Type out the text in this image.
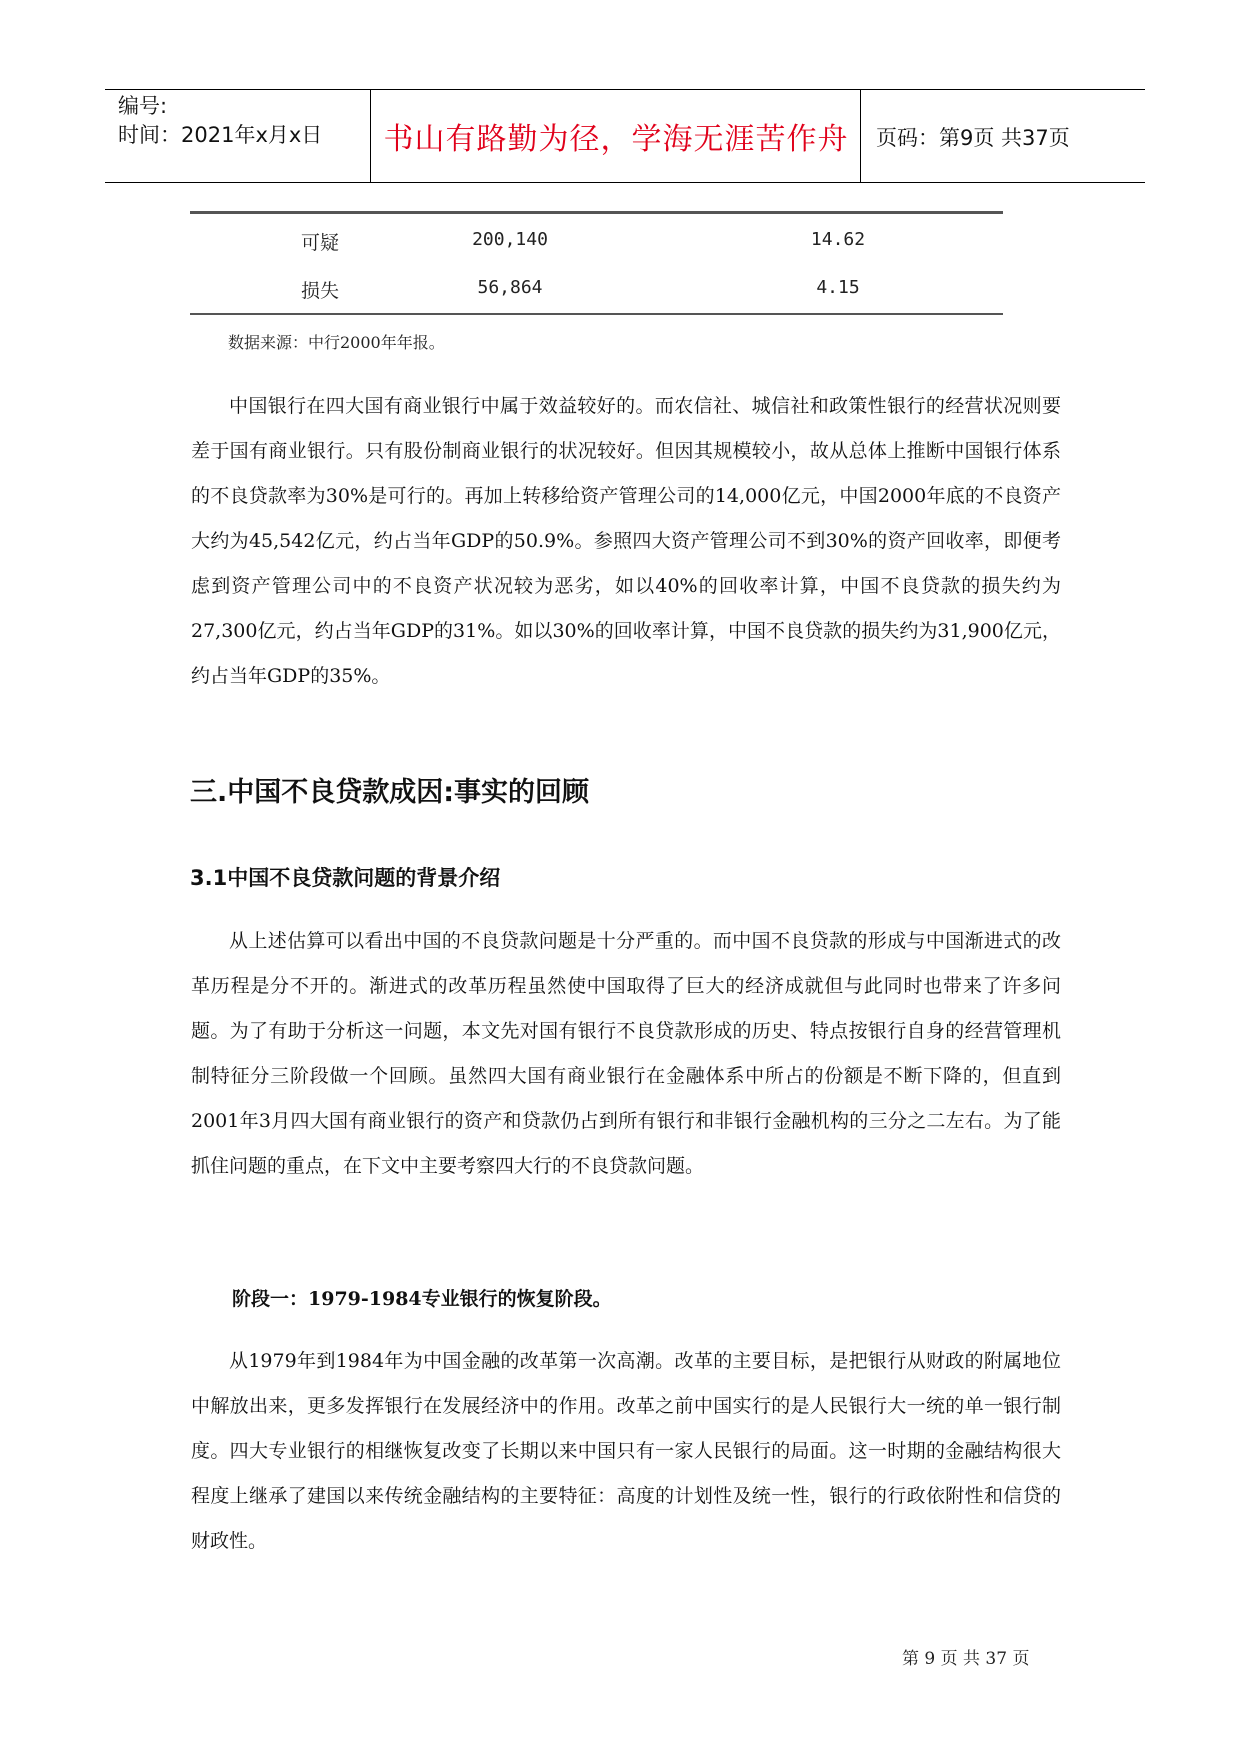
编号:
时间：2021年x月x日	书山有路勤为径，学海无涯苦作舟	页码：第9页 共37页
可疑	200,140	14.62
损失	56,864	4.15
数据来源：中行2000年年报。

中国银行在四大国有商业银行中属于效益较好的。而农信社、城信社和政策性银行的经营状况则要差于国有商业银行。只有股份制商业银行的状况较好。但因其规模较小，故从总体上推断中国银行体系的不良贷款率为30%是可行的。再加上转移给资产管理公司的14,000亿元，中国2000年底的不良资产大约为45,542亿元，约占当年GDP的50.9%。参照四大资产管理公司不到30%的资产回收率，即便考虑到资产管理公司中的不良资产状况较为恶劣，如以40%的回收率计算，中国不良贷款的损失约为27,300亿元，约占当年GDP的31%。如以30%的回收率计算，中国不良贷款的损失约为31,900亿元，约占当年GDP的35%。

三.中国不良贷款成因:事实的回顾
3.1中国不良贷款问题的背景介绍

从上述估算可以看出中国的不良贷款问题是十分严重的。而中国不良贷款的形成与中国渐进式的改革历程是分不开的。渐进式的改革历程虽然使中国取得了巨大的经济成就但与此同时也带来了许多问题。为了有助于分析这一问题，本文先对国有银行不良贷款形成的历史、特点按银行自身的经营管理机制特征分三阶段做一个回顾。虽然四大国有商业银行在金融体系中所占的份额是不断下降的，但直到2001年3月四大国有商业银行的资产和贷款仍占到所有银行和非银行金融机构的三分之二左右。为了能抓住问题的重点，在下文中主要考察四大行的不良贷款问题。

阶段一：1979-1984专业银行的恢复阶段。

从1979年到1984年为中国金融的改革第一次高潮。改革的主要目标，是把银行从财政的附属地位中解放出来，更多发挥银行在发展经济中的作用。改革之前中国实行的是人民银行大一统的单一银行制度。四大专业银行的相继恢复改变了长期以来中国只有一家人民银行的局面。这一时期的金融结构很大程度上继承了建国以来传统金融结构的主要特征：高度的计划性及统一性，银行的行政依附性和信贷的财政性。

第 9 页 共 37 页
